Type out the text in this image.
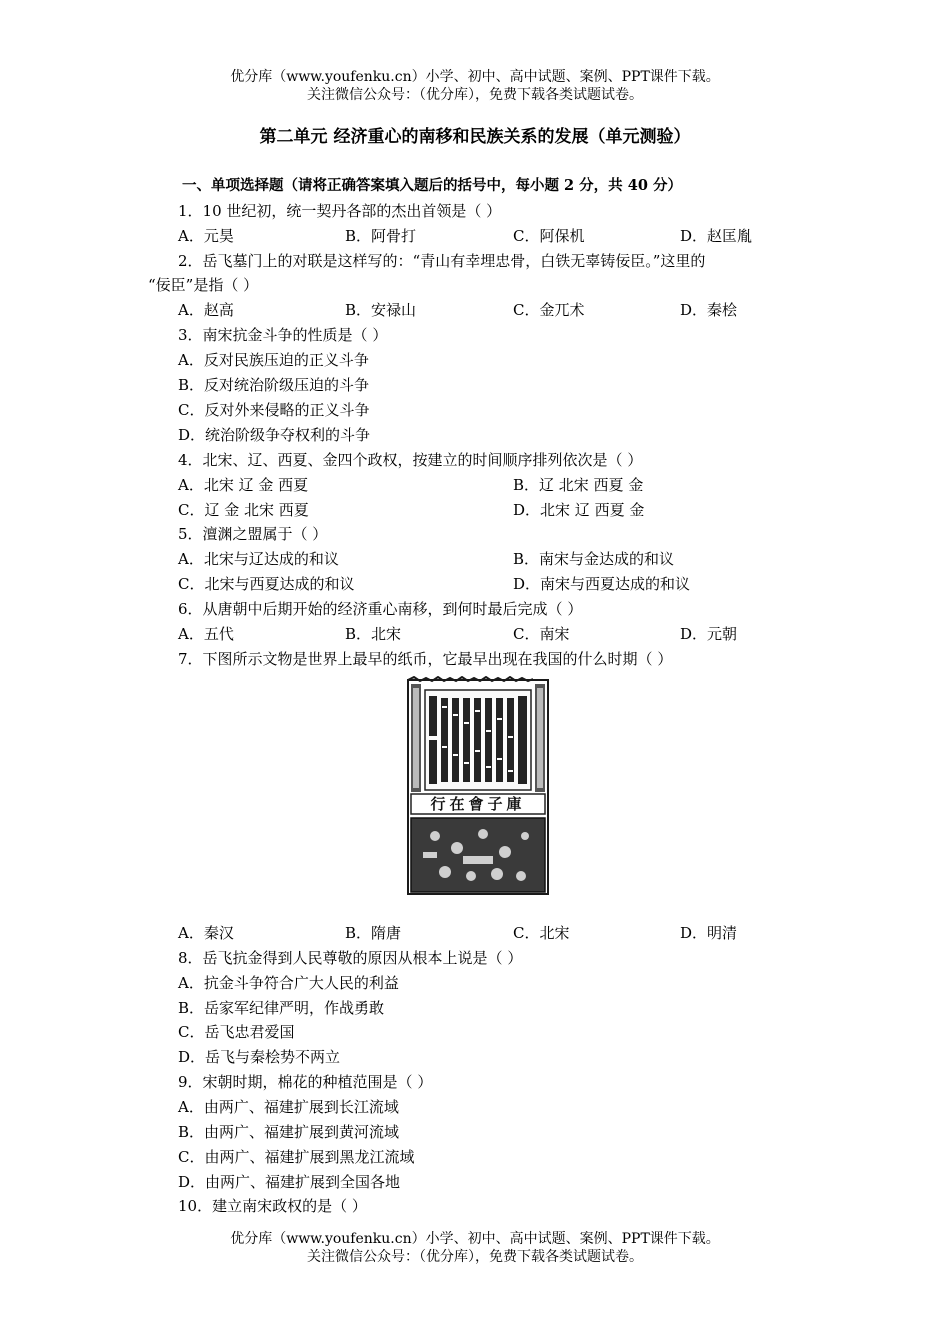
优分库（www.youfenku.cn）小学、初中、高中试题、案例、PPT课件下载。
关注微信公众号：（优分库），免费下载各类试题试卷。
第二单元 经济重心的南移和民族关系的发展（单元测验）
一、单项选择题（请将正确答案填入题后的括号中，每小题 2 分，共 40 分）
1．10 世纪初，统一契丹各部的杰出首领是（ ）
A．元昊	B．阿骨打	C．阿保机	D．赵匡胤
2．岳飞墓门上的对联是这样写的：“青山有幸埋忠骨，白铁无辜铸佞臣。”这里的
“佞臣”是指（ ）
A．赵高	B．安禄山	C．金兀术	D．秦桧
3．南宋抗金斗争的性质是（ ）
A．反对民族压迫的正义斗争
B．反对统治阶级压迫的斗争
C．反对外来侵略的正义斗争
D．统治阶级争夺权利的斗争
4．北宋、辽、西夏、金四个政权，按建立的时间顺序排列依次是（ ）
A．北宋 辽 金 西夏	B．辽 北宋 西夏 金
C．辽 金 北宋 西夏	D．北宋 辽 西夏 金
5．澶渊之盟属于（ ）
A．北宋与辽达成的和议	B．南宋与金达成的和议
C．北宋与西夏达成的和议	D．南宋与西夏达成的和议
6．从唐朝中后期开始的经济重心南移，到何时最后完成（ ）
A．五代	B．北宋	C．南宋	D．元朝
7．下图所示文物是世界上最早的纸币，它最早出现在我国的什么时期（ ）
行在會子庫
A．秦汉	B．隋唐	C．北宋	D．明清
8．岳飞抗金得到人民尊敬的原因从根本上说是（ ）
A．抗金斗争符合广大人民的利益
B．岳家军纪律严明，作战勇敢
C．岳飞忠君爱国
D．岳飞与秦桧势不两立
9．宋朝时期，棉花的种植范围是（ ）
A．由两广、福建扩展到长江流域
B．由两广、福建扩展到黄河流域
C．由两广、福建扩展到黑龙江流域
D．由两广、福建扩展到全国各地
10．建立南宋政权的是（ ）
优分库（www.youfenku.cn）小学、初中、高中试题、案例、PPT课件下载。
关注微信公众号：（优分库），免费下载各类试题试卷。
